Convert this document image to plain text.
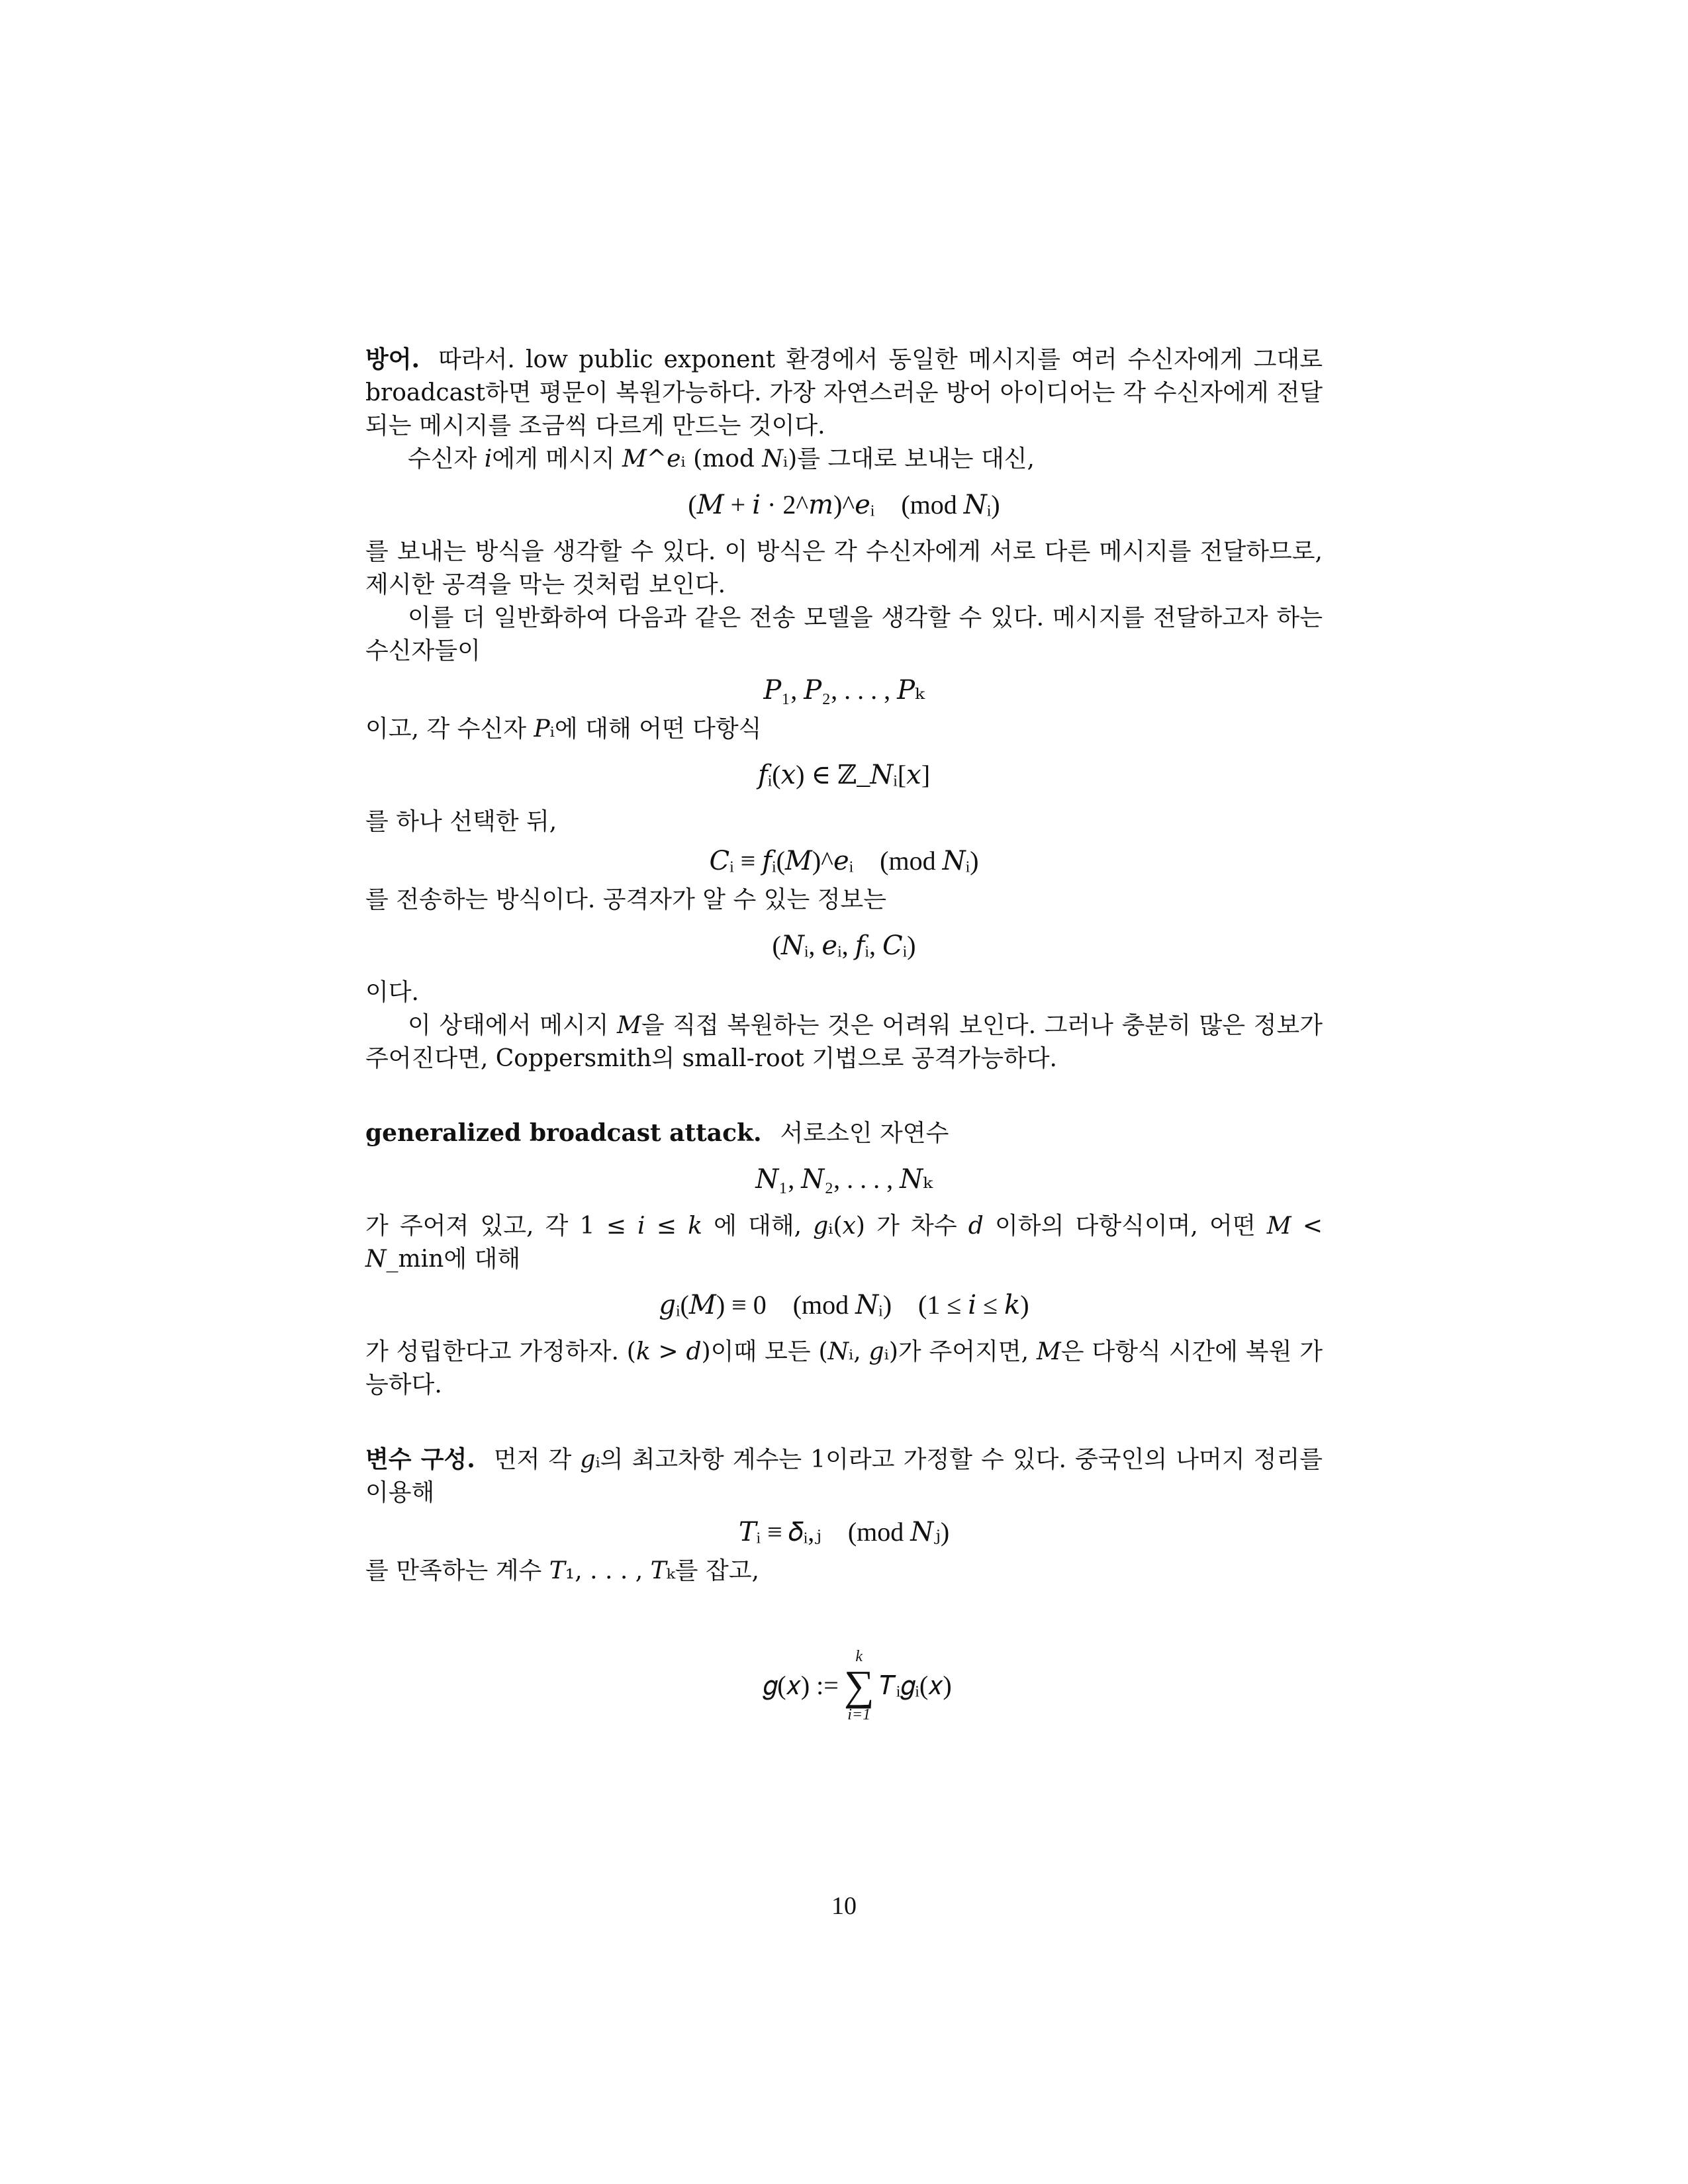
방어. 따라서. low public exponent 환경에서 동일한 메시지를 여러 수신자에게 그대로 broadcast하면 평문이 복원가능하다. 가장 자연스러운 방어 아이디어는 각 수신자에게 전달되는 메시지를 조금씩 다르게 만드는 것이다.

수신자 𝑖에게 메시지 𝑀^𝑒ᵢ (mod 𝑁ᵢ)를 그대로 보내는 대신,

(𝑀 + 𝑖 · 2^𝑚)^𝑒ᵢ    (mod 𝑁ᵢ)

를 보내는 방식을 생각할 수 있다. 이 방식은 각 수신자에게 서로 다른 메시지를 전달하므로, 제시한 공격을 막는 것처럼 보인다.

이를 더 일반화하여 다음과 같은 전송 모델을 생각할 수 있다. 메시지를 전달하고자 하는 수신자들이

𝑃₁, 𝑃₂, . . . , 𝑃ₖ

이고, 각 수신자 𝑃ᵢ에 대해 어떤 다항식

𝑓ᵢ(𝑥) ∈ ℤ_𝑁ᵢ[𝑥]

를 하나 선택한 뒤,

𝐶ᵢ ≡ 𝑓ᵢ(𝑀)^𝑒ᵢ    (mod 𝑁ᵢ)

를 전송하는 방식이다. 공격자가 알 수 있는 정보는

(𝑁ᵢ, 𝑒ᵢ, 𝑓ᵢ, 𝐶ᵢ)

이다.

이 상태에서 메시지 𝑀을 직접 복원하는 것은 어려워 보인다. 그러나 충분히 많은 정보가 주어진다면, Coppersmith의 small-root 기법으로 공격가능하다.

generalized broadcast attack. 서로소인 자연수

𝑁₁, 𝑁₂, . . . , 𝑁ₖ

가 주어져 있고, 각 1 ≤ 𝑖 ≤ 𝑘 에 대해, 𝑔ᵢ(𝑥) 가 차수 𝑑 이하의 다항식이며, 어떤 𝑀 < 𝑁_min에 대해

𝑔ᵢ(𝑀) ≡ 0    (mod 𝑁ᵢ)    (1 ≤ 𝑖 ≤ 𝑘)

가 성립한다고 가정하자. (𝑘 > 𝑑)이때 모든 (𝑁ᵢ, 𝑔ᵢ)가 주어지면, 𝑀은 다항식 시간에 복원 가능하다.

변수 구성. 먼저 각 𝑔ᵢ의 최고차항 계수는 1이라고 가정할 수 있다. 중국인의 나머지 정리를 이용해

𝑇ᵢ ≡ 𝛿ᵢ,ⱼ    (mod 𝑁ⱼ)

를 만족하는 계수 𝑇₁, . . . , 𝑇ₖ를 잡고,

𝑔(𝑥) :=
k
∑
i=1
𝑇ᵢ𝑔ᵢ(𝑥)

10
